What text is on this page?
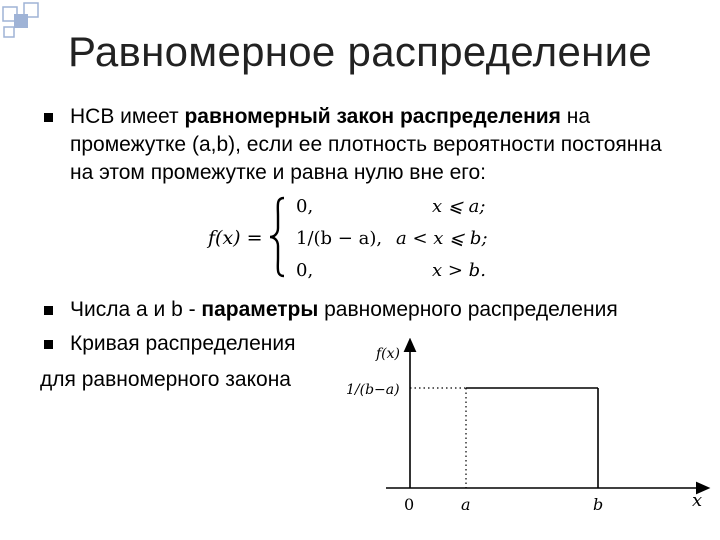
Равномерное распределение
НСВ имеет равномерный закон распределения на промежутке (a,b), если ее плотность вероятности постоянна на этом промежутке и равна нулю вне его:
f(x) =
0,	x ⩽ a;
1/(b − a), a < x ⩽ b;
0,	x > b.
Числа a и b - параметры равномерного распределения
Кривая распределения
для равномерного закона
f(x)
1/(b−a)
0	a	b	x
